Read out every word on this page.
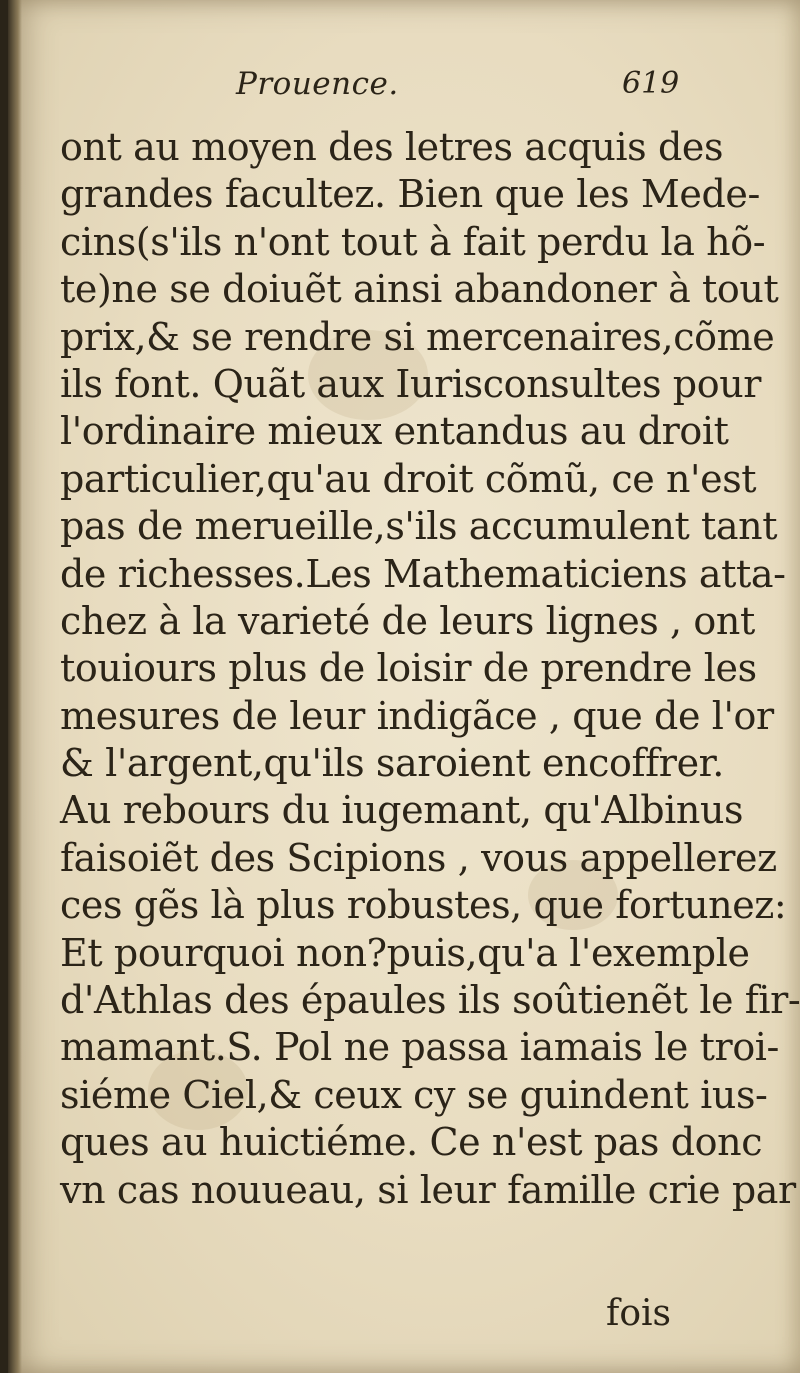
Prouence.	619
ont au moyen des letres acquis des
grandes facultez. Bien que les Mede-
cins(s'ils n'ont tout à fait perdu la hõ-
te)ne se doiuẽt ainsi abandoner à tout
prix,& se rendre si mercenaires,cõme
ils font. Quãt aux Iurisconsultes pour
l'ordinaire mieux entandus au droit
particulier,qu'au droit cõmũ, ce n'est
pas de merueille,s'ils accumulent tant
de richesses.Les Mathematiciens atta-
chez à la varieté de leurs lignes , ont
touiours plus de loisir de prendre les
mesures de leur indigãce , que de l'or
& l'argent,qu'ils saroient encoffrer.
Au rebours du iugemant, qu'Albinus
faisoiẽt des Scipions , vous appellerez
ces gẽs là plus robustes, que fortunez:
Et pourquoi non?puis,qu'a l'exemple
d'Athlas des épaules ils soûtienẽt le fir-
mamant.S. Pol ne passa iamais le troi-
siéme Ciel,& ceux cy se guindent ius-
ques au huictiéme. Ce n'est pas donc
vn cas nouueau, si leur famille crie par
fois
